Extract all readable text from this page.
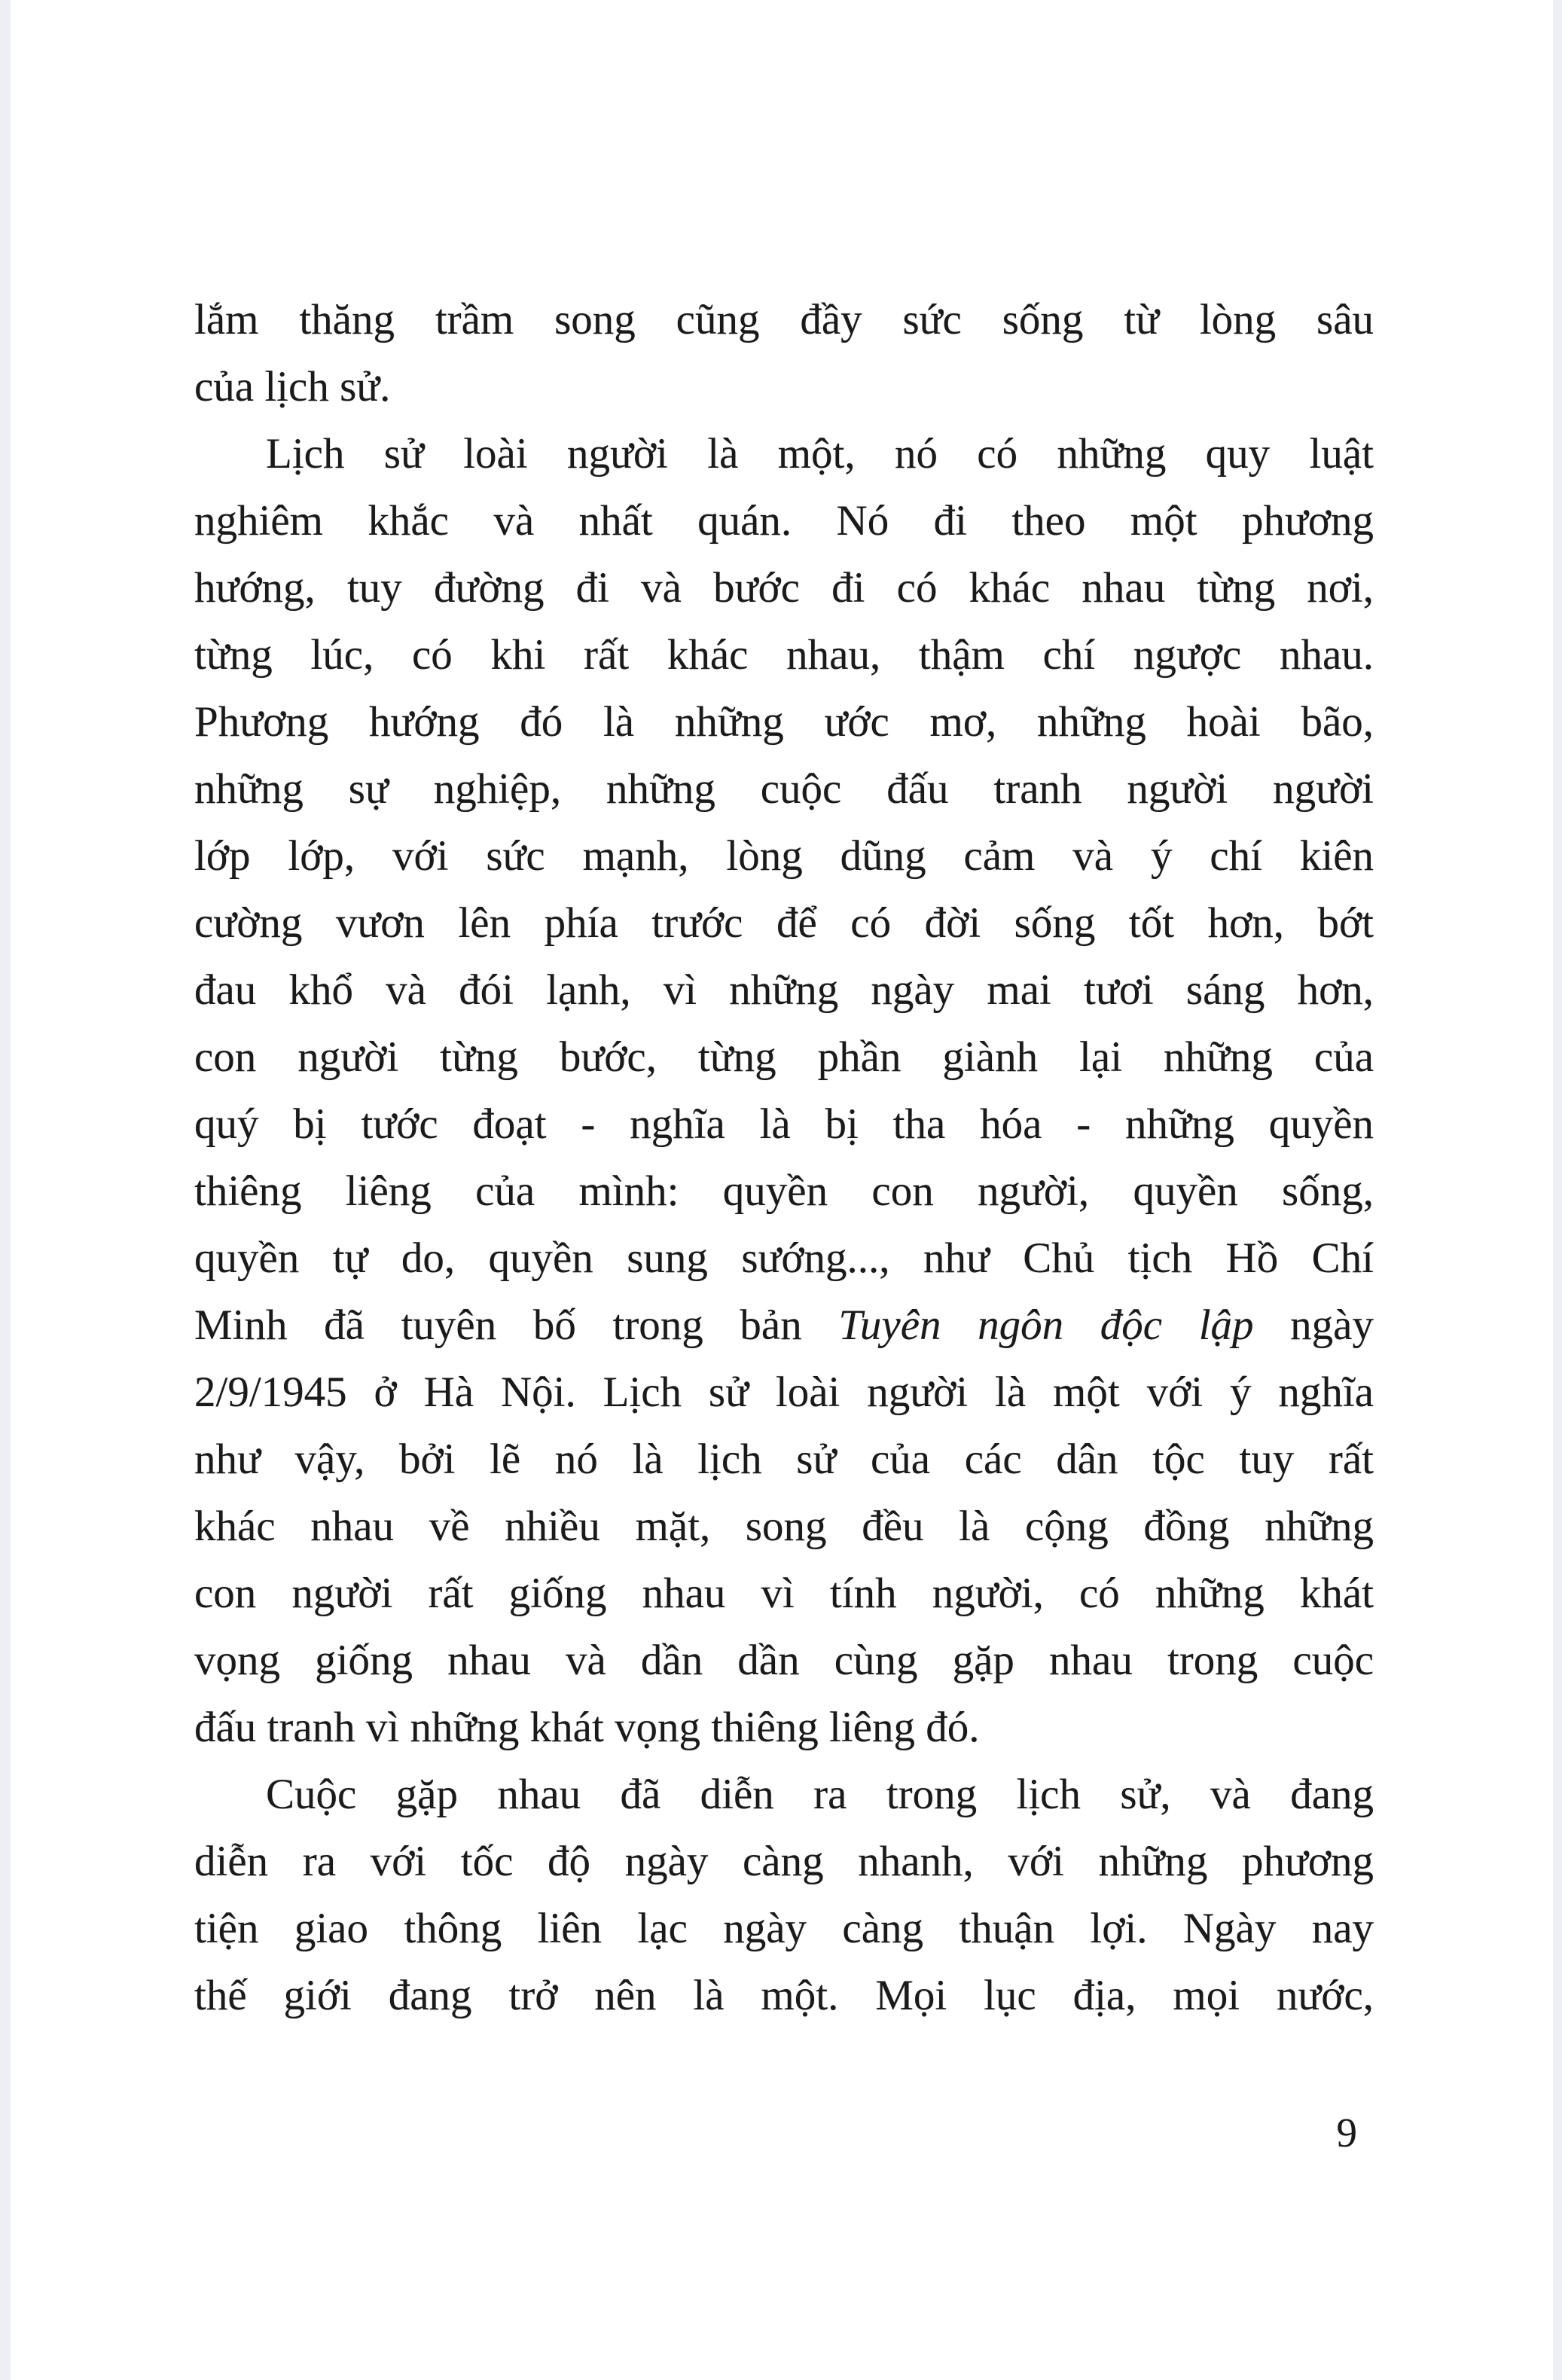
lắm thăng trầm song cũng đầy sức sống từ lòng sâu
của lịch sử.
Lịch sử loài người là một, nó có những quy luật
nghiêm khắc và nhất quán. Nó đi theo một phương
hướng, tuy đường đi và bước đi có khác nhau từng nơi,
từng lúc, có khi rất khác nhau, thậm chí ngược nhau.
Phương hướng đó là những ước mơ, những hoài bão,
những sự nghiệp, những cuộc đấu tranh người người
lớp lớp, với sức mạnh, lòng dũng cảm và ý chí kiên
cường vươn lên phía trước để có đời sống tốt hơn, bớt
đau khổ và đói lạnh, vì những ngày mai tươi sáng hơn,
con người từng bước, từng phần giành lại những của
quý bị tước đoạt - nghĩa là bị tha hóa - những quyền
thiêng liêng của mình: quyền con người, quyền sống,
quyền tự do, quyền sung sướng..., như Chủ tịch Hồ Chí
Minh đã tuyên bố trong bản Tuyên ngôn độc lập ngày
2/9/1945 ở Hà Nội. Lịch sử loài người là một với ý nghĩa
như vậy, bởi lẽ nó là lịch sử của các dân tộc tuy rất
khác nhau về nhiều mặt, song đều là cộng đồng những
con người rất giống nhau vì tính người, có những khát
vọng giống nhau và dần dần cùng gặp nhau trong cuộc
đấu tranh vì những khát vọng thiêng liêng đó.
Cuộc gặp nhau đã diễn ra trong lịch sử, và đang
diễn ra với tốc độ ngày càng nhanh, với những phương
tiện giao thông liên lạc ngày càng thuận lợi. Ngày nay
thế giới đang trở nên là một. Mọi lục địa, mọi nước,
9
